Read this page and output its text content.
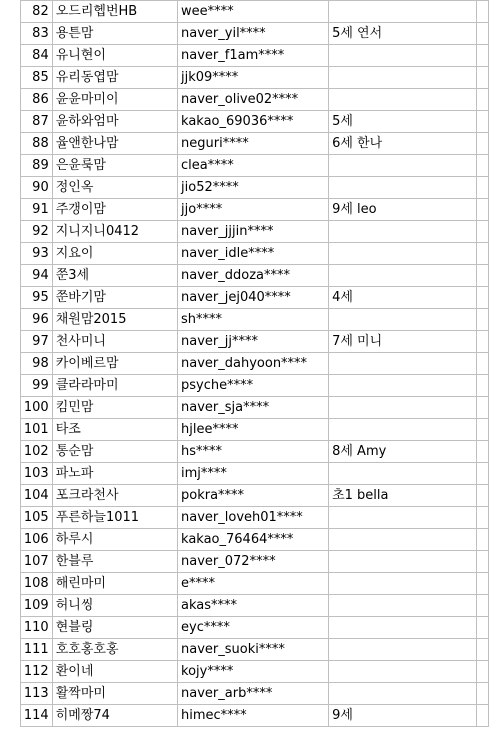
	82	오드리헵번HB	wee****		
	83	용튼맘	naver_yil****	5세 연서	
	84	유니현이	naver_f1am****		
	85	유리동엽맘	jjk09****		
	86	윤윤마미이	naver_olive02****		
	87	윤하와엄마	kakao_69036****	5세	
	88	율앤한나맘	neguri****	6세 한나	
	89	은윤룩맘	clea****		
	90	정인옥	jio52****		
	91	주갱이맘	jjo****	9세 leo	
	92	지니지니0412	naver_jjjin****		
	93	지요이	naver_idle****		
	94	쭌3세	naver_ddoza****		
	95	쭌바기맘	naver_jej040****	4세	
	96	채원맘2015	sh****		
	97	천사미니	naver_jj****	7세 미니	
	98	카이베르맘	naver_dahyoon****		
	99	클라라마미	psyche****		
	100	킴민맘	naver_sja****		
	101	타조	hjlee****		
	102	통순맘	hs****	8세 Amy	
	103	파노파	imj****		
	104	포크라천사	pokra****	초1 bella	
	105	푸른하늘1011	naver_loveh01****		
	106	하루시	kakao_76464****		
	107	한블루	naver_072****		
	108	해린마미	e****		
	109	허니씽	akas****		
	110	현블링	eyc****		
	111	호호홍호홍	naver_suoki****		
	112	환이네	kojy****		
	113	활짝마미	naver_arb****		
	114	히메짱74	himec****	9세	
